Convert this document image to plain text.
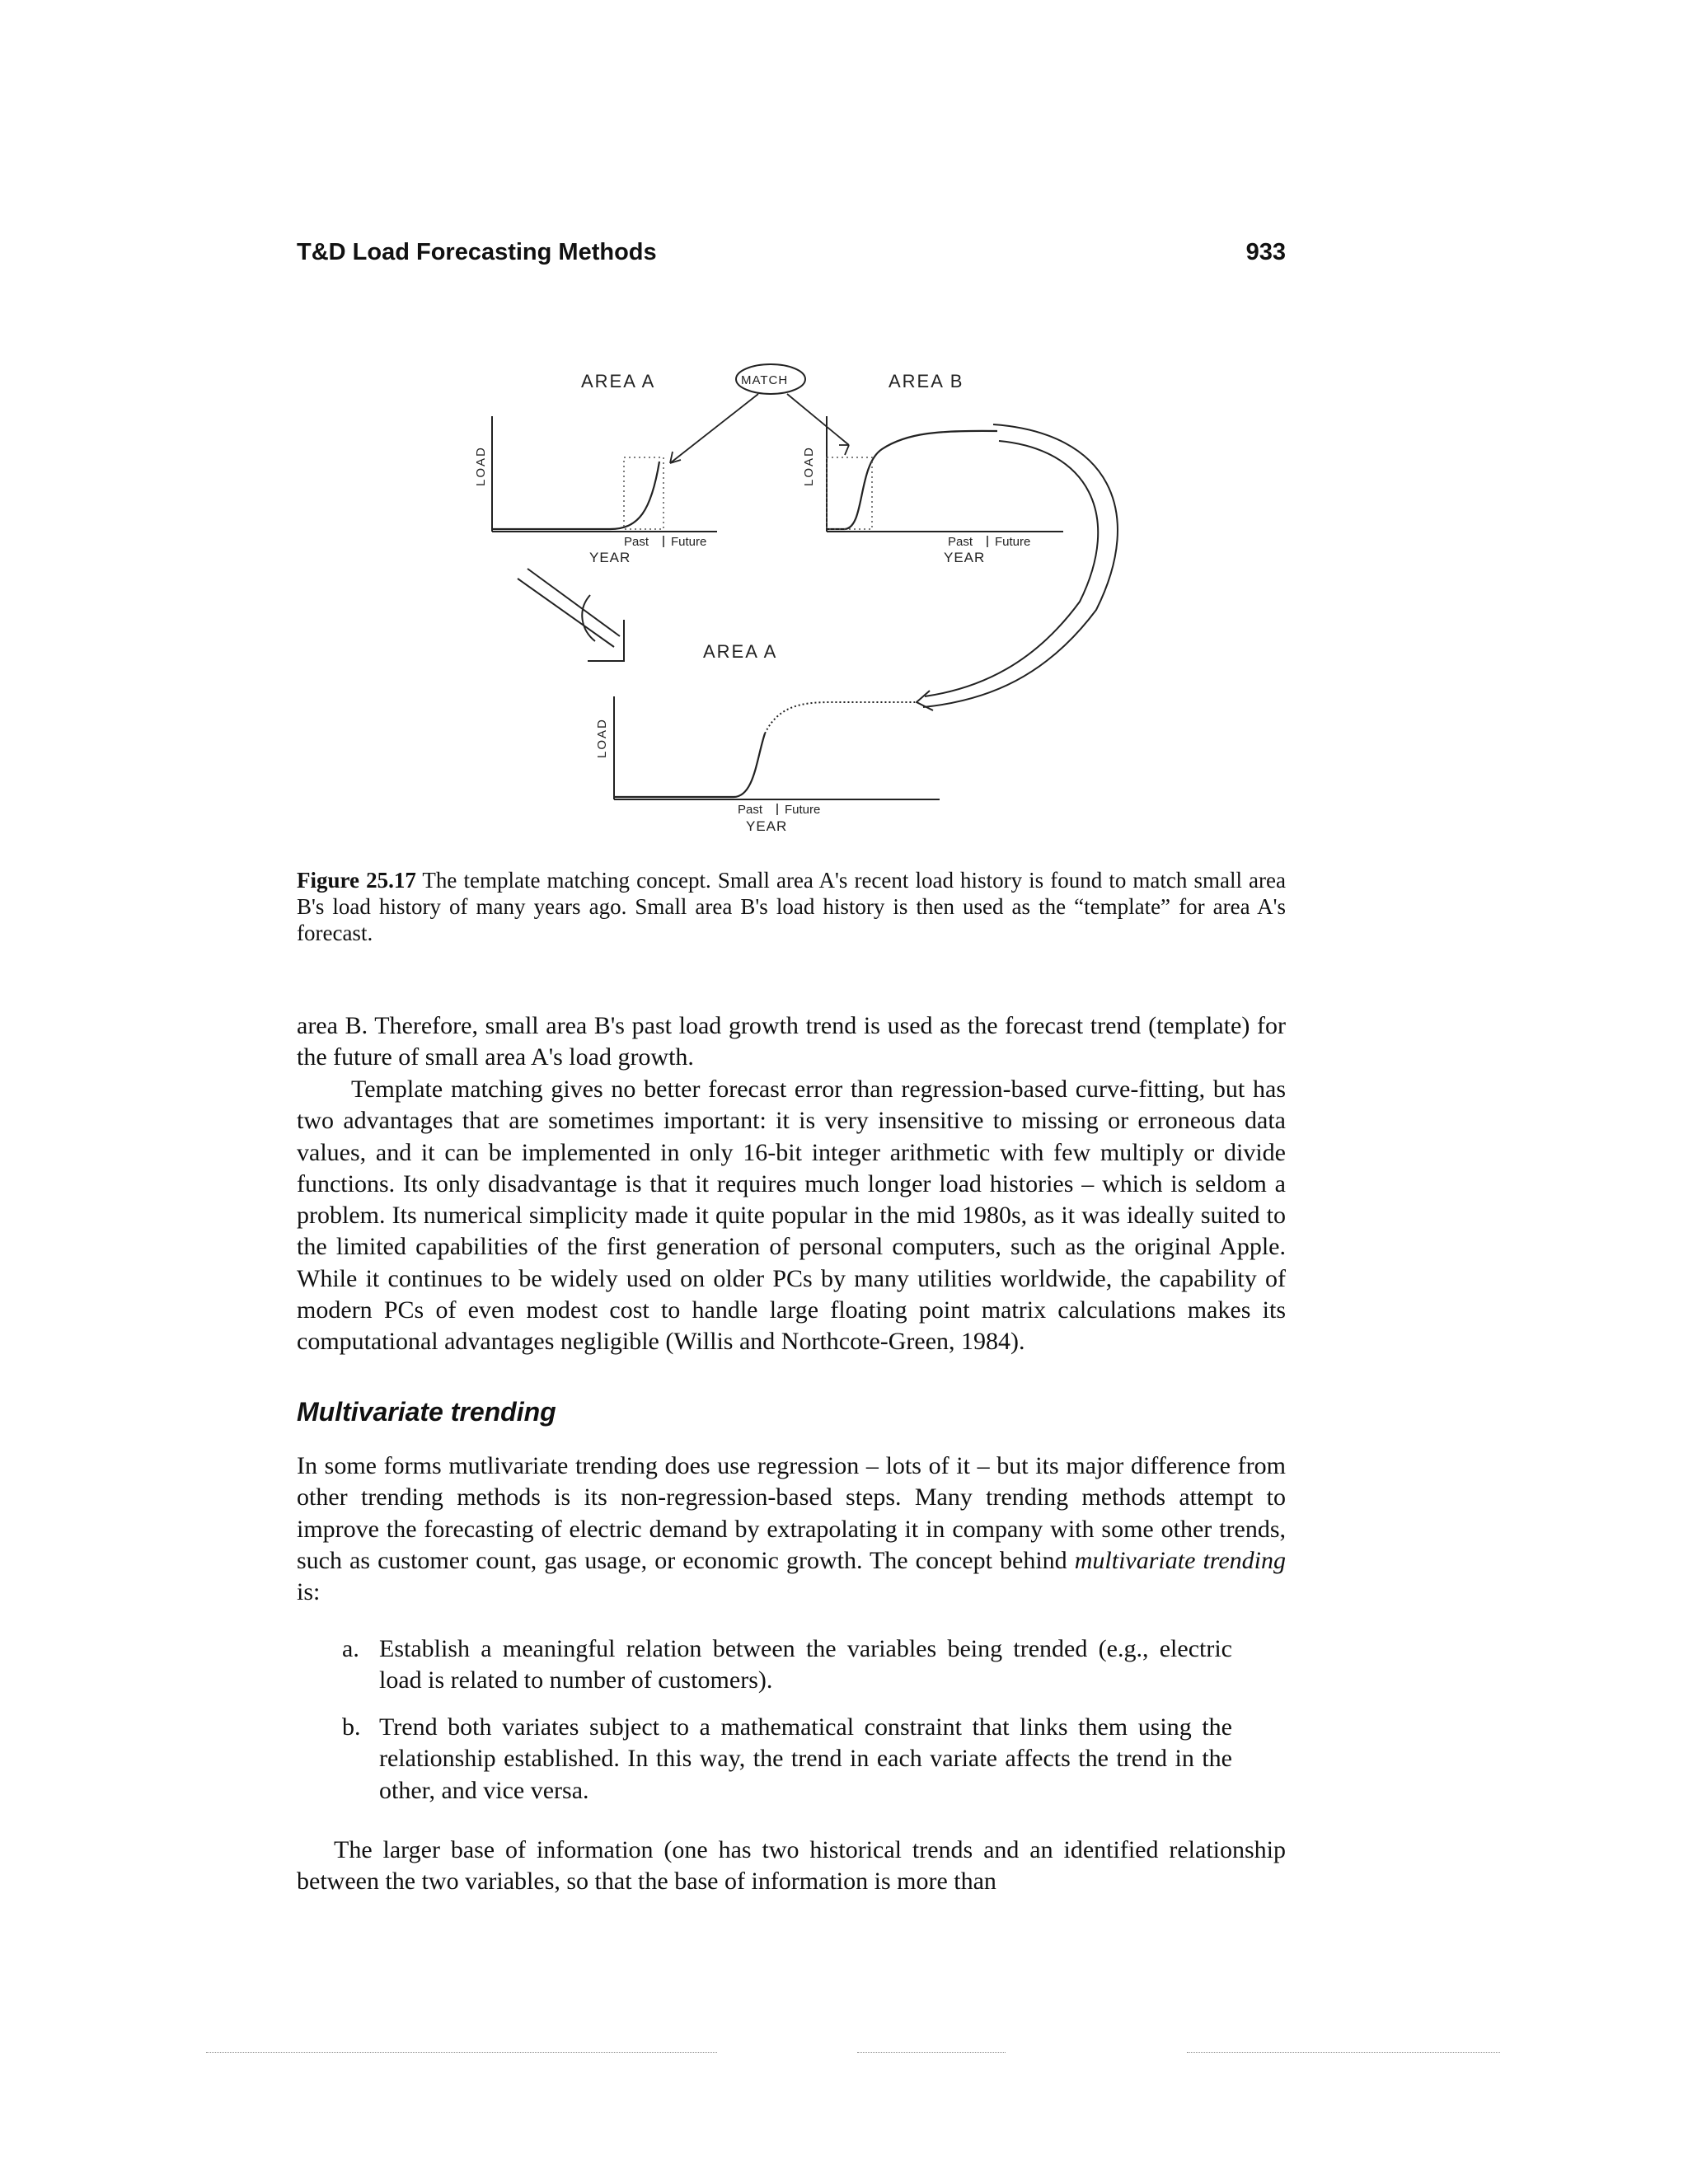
T&D Load Forecasting Methods	933
AREA A
LOAD
Past Future
YEAR
MATCH	AREA B
LOAD
Past Future
YEAR
AREA A
LOAD
Past Future
YEAR
Figure 25.17 The template matching concept. Small area A's recent load history is found to match small area B's load history of many years ago. Small area B's load history is then used as the “template” for area A's forecast.
area B. Therefore, small area B's past load growth trend is used as the forecast trend (template) for the future of small area A's load growth.
Template matching gives no better forecast error than regression-based curve-fitting, but has two advantages that are sometimes important: it is very insensitive to missing or erroneous data values, and it can be implemented in only 16-bit integer arithmetic with few multiply or divide functions. Its only disadvantage is that it requires much longer load histories – which is seldom a problem. Its numerical simplicity made it quite popular in the mid 1980s, as it was ideally suited to the limited capabilities of the first generation of personal computers, such as the original Apple. While it continues to be widely used on older PCs by many utilities worldwide, the capability of modern PCs of even modest cost to handle large floating point matrix calculations makes its computational advantages negligible (Willis and Northcote-Green, 1984).
Multivariate trending
In some forms mutlivariate trending does use regression – lots of it – but its major difference from other trending methods is its non-regression-based steps. Many trending methods attempt to improve the forecasting of electric demand by extrapolating it in company with some other trends, such as customer count, gas usage, or economic growth. The concept behind multivariate trending is:
a. Establish a meaningful relation between the variables being trended (e.g., electric load is related to number of customers).
b. Trend both variates subject to a mathematical constraint that links them using the relationship established. In this way, the trend in each variate affects the trend in the other, and vice versa.
The larger base of information (one has two historical trends and an identified relationship between the two variables, so that the base of information is more than
